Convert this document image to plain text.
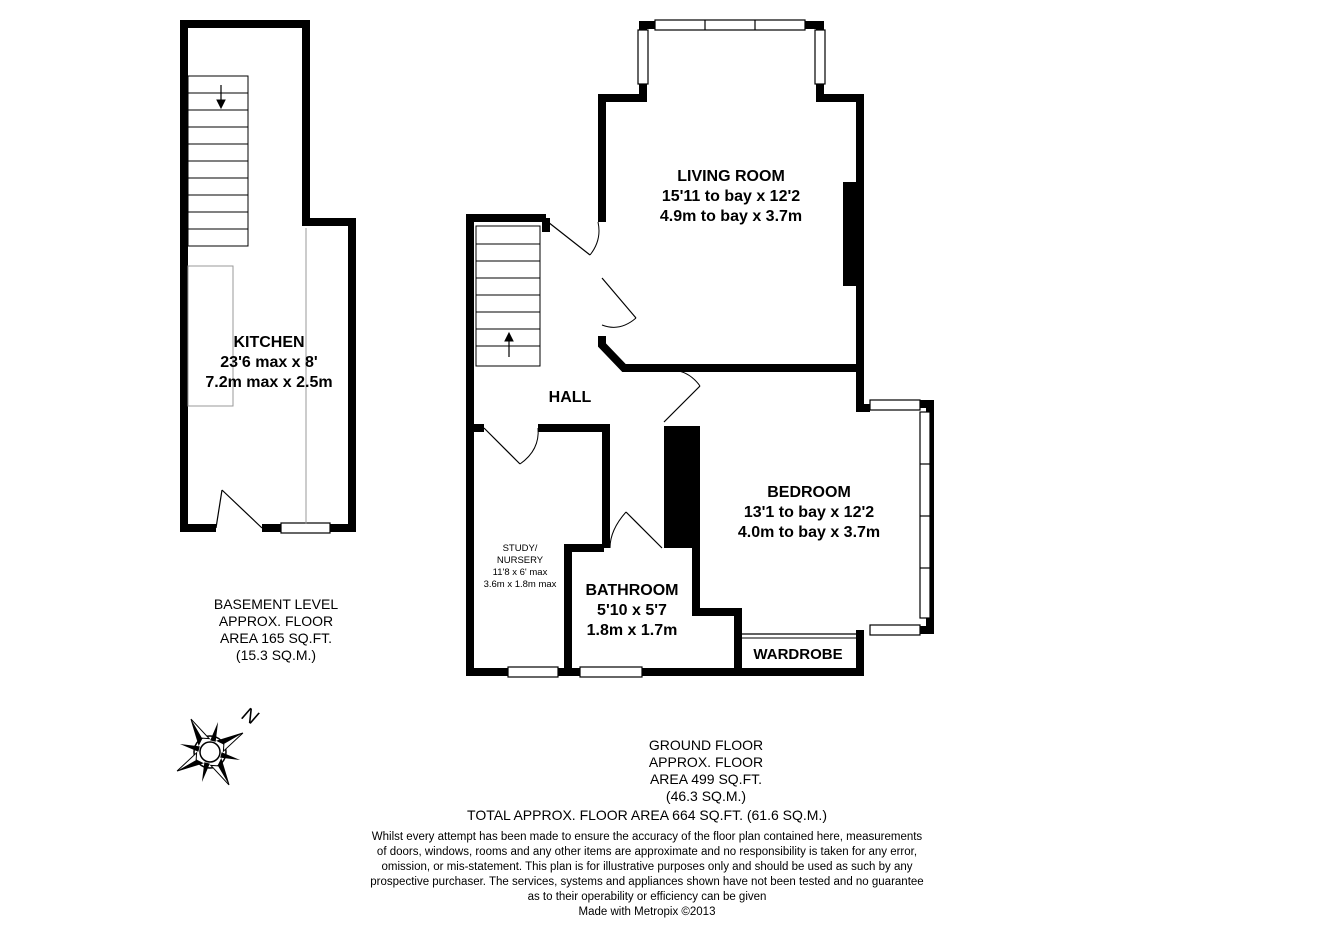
KITCHEN
23'6 max x 8'
7.2m max x 2.5m
BASEMENT LEVEL
APPROX. FLOOR
AREA 165 SQ.FT.
(15.3 SQ.M.)
LIVING ROOM
15'11 to bay x 12'2
4.9m to bay x 3.7m
HALL
BEDROOM
13'1 to bay x 12'2
4.0m to bay x 3.7m
STUDY/
NURSERY
11'8 x 6' max
3.6m x 1.8m max BATHROOM
5'10 x 5'7
1.8m x 1.7m
WARDROBE
GROUND FLOOR
APPROX. FLOOR
AREA 499 SQ.FT.
(46.3 SQ.M.)
N
TOTAL APPROX. FLOOR AREA 664 SQ.FT. (61.6 SQ.M.)
Whilst every attempt has been made to ensure the accuracy of the floor plan contained here, measurements
of doors, windows, rooms and any other items are approximate and no responsibility is taken for any error,
omission, or mis-statement. This plan is for illustrative purposes only and should be used as such by any
prospective purchaser. The services, systems and appliances shown have not been tested and no guarantee
as to their operability or efficiency can be given
Made with Metropix ©2013
